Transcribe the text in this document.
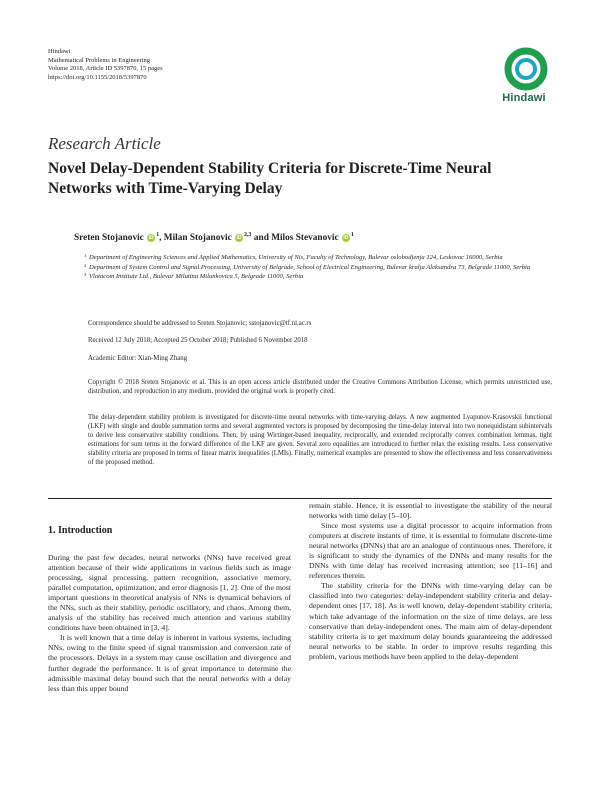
Hindawi
Mathematical Problems in Engineering
Volume 2018, Article ID 5397870, 15 pages
https://doi.org/10.1155/2018/5397870
Hindawi
Research Article
Novel Delay-Dependent Stability Criteria for Discrete-Time Neural Networks with Time-Varying Delay
Sreten Stojanovic $iD^1$, Milan Stojanovic iD$^{2,3}$ and Milos Stevanovic $iD^1$
1 Department of Engineering Sciences and Applied Mathematics, University of Nis, Faculty of Technology, Bulevar oslobodjenja 124, Leskovac 16000, Serbia
2 Department of System Control and Signal Processing, University of Belgrade, School of Electrical Engineering, Bulevar kralja Aleksandra 73, Belgrade 11000, Serbia
3 Vlatacom Institute Ltd., Bulevar Milutina Milankovica 5, Belgrade 11000, Serbia
Correspondence should be addressed to Sreten Stojanovic; sstojanovic@tf.ni.ac.rs
Received 12 July 2018; Accepted 25 October 2018; Published 6 November 2018
Academic Editor: Xian-Ming Zhang
Copyright © 2018 Sreten Stojanovic et al. This is an open access article distributed under the Creative Commons Attribution License, which permits unrestricted use, distribution, and reproduction in any medium, provided the original work is properly cited.
The delay-dependent stability problem is investigated for discrete-time neural networks with time-varying delays. A new augmented Lyapunov-Krasovskii functional (LKF) with single and double summation terms and several augmented vectors is proposed by decomposing the time-delay interval into two nonequidistant subintervals to derive less conservative stability conditions. Then, by using Wirtinger-based inequality, reciprocally, and extended reciprocally convex combination lemmas, tight estimations for sum terms in the forward difference of the LKF are given. Several zero equalities are introduced to further relax the existing results. Less conservative stability criteria are proposed in terms of linear matrix inequalities (LMIs). Finally, numerical examples are presented to show the effectiveness and less conservativeness of the proposed method.
1. Introduction

During the past few decades, neural networks (NNs) have received great attention because of their wide applications in various fields such as image processing, signal processing, pattern recognition, associative memory, parallel computation, optimization, and error diagnosis [1, 2]. One of the most important questions in theoretical analysis of NNs is dynamical behaviors of the NNs, such as their stability, periodic oscillatory, and chaos. Among them, analysis of the stability has received much attention and various stability conditions have been obtained in [3, 4].

It is well known that a time delay is inherent in various systems, including NNs, owing to the finite speed of signal transmission and conversion rate of the processors. Delays in a system may cause oscillation and divergence and further degrade the performance. It is of great importance to determine the admissible maximal delay bound such that the neural networks with a delay less than this upper bound

remain stable. Hence, it is essential to investigate the stability of the neural networks with time delay [5–10].

Since most systems use a digital processor to acquire information from computers at discrete instants of time, it is essential to formulate discrete-time neural networks (DNNs) that are an analogue of continuous ones. Therefore, it is significant to study the dynamics of the DNNs and many results for the DNNs with time delay has received increasing attention; see [11–16] and references therein.

The stability criteria for the DNNs with time-varying delay can be classified into two categories: delay-independent stability criteria and delay-dependent ones [17, 18]. As is well known, delay-dependent stability criteria, which take advantage of the information on the size of time delays, are less conservative than delay-independent ones. The main aim of delay-dependent stability criteria is to get maximum delay bounds guaranteeing the addressed neural networks to be stable. In order to improve results regarding this problem, various methods have been applied to the delay-dependent
